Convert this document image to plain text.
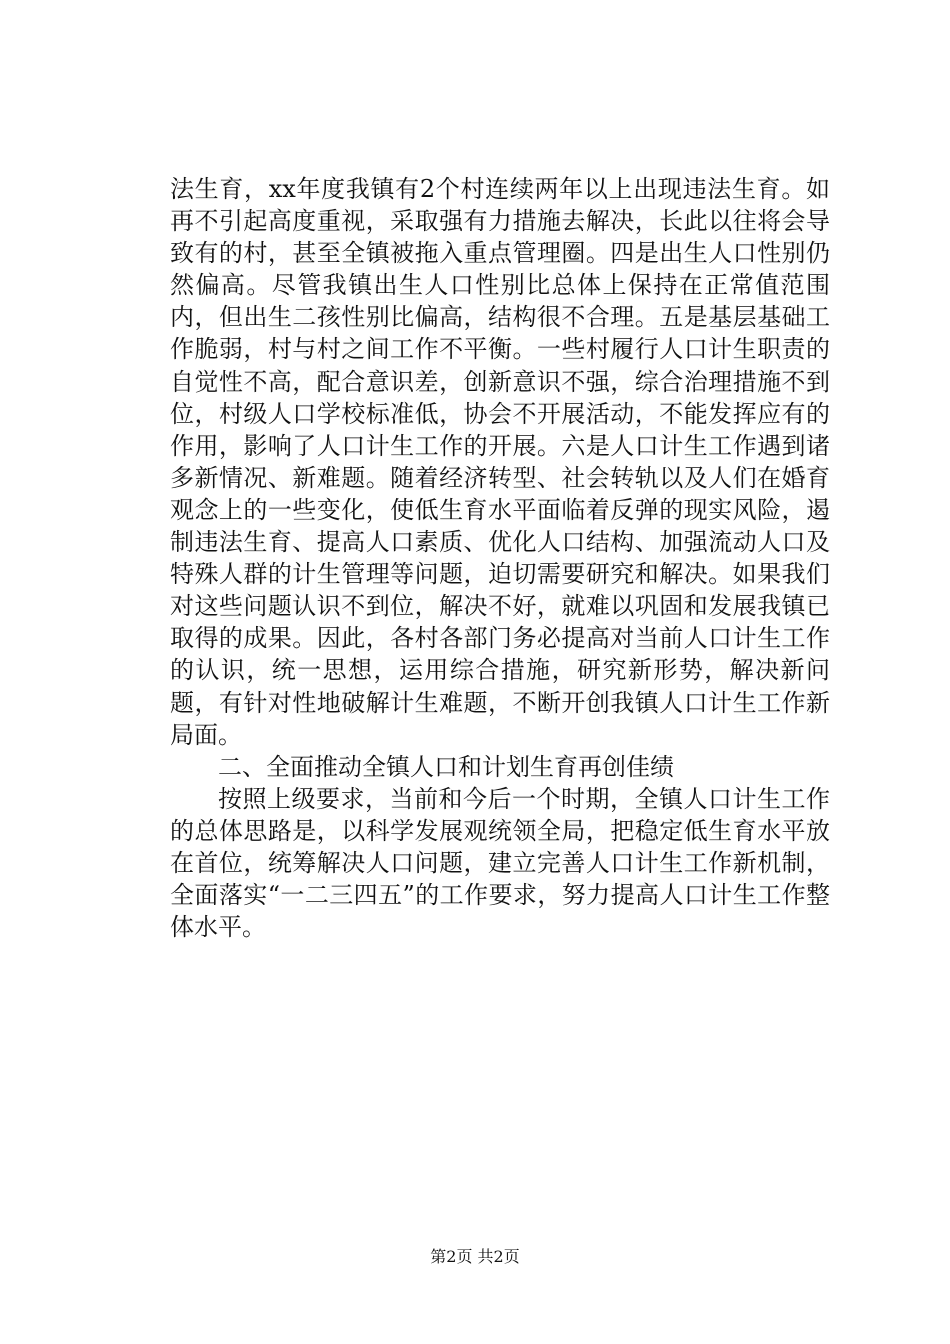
法生育，xx年度我镇有2个村连续两年以上出现违法生育。如再不引起高度重视，采取强有力措施去解决，长此以往将会导致有的村，甚至全镇被拖入重点管理圈。四是出生人口性别仍然偏高。尽管我镇出生人口性别比总体上保持在正常值范围内，但出生二孩性别比偏高，结构很不合理。五是基层基础工作脆弱，村与村之间工作不平衡。一些村履行人口计生职责的自觉性不高，配合意识差，创新意识不强，综合治理措施不到位，村级人口学校标准低，协会不开展活动，不能发挥应有的作用，影响了人口计生工作的开展。六是人口计生工作遇到诸多新情况、新难题。随着经济转型、社会转轨以及人们在婚育观念上的一些变化，使低生育水平面临着反弹的现实风险，遏制违法生育、提高人口素质、优化人口结构、加强流动人口及特殊人群的计生管理等问题，迫切需要研究和解决。如果我们对这些问题认识不到位，解决不好，就难以巩固和发展我镇已取得的成果。因此，各村各部门务必提高对当前人口计生工作的认识，统一思想，运用综合措施，研究新形势，解决新问题，有针对性地破解计生难题，不断开创我镇人口计生工作新局面。

二、全面推动全镇人口和计划生育再创佳绩

按照上级要求，当前和今后一个时期，全镇人口计生工作的总体思路是，以科学发展观统领全局，把稳定低生育水平放在首位，统筹解决人口问题，建立完善人口计生工作新机制，全面落实“一二三四五”的工作要求，努力提高人口计生工作整体水平。

第2页 共2页
